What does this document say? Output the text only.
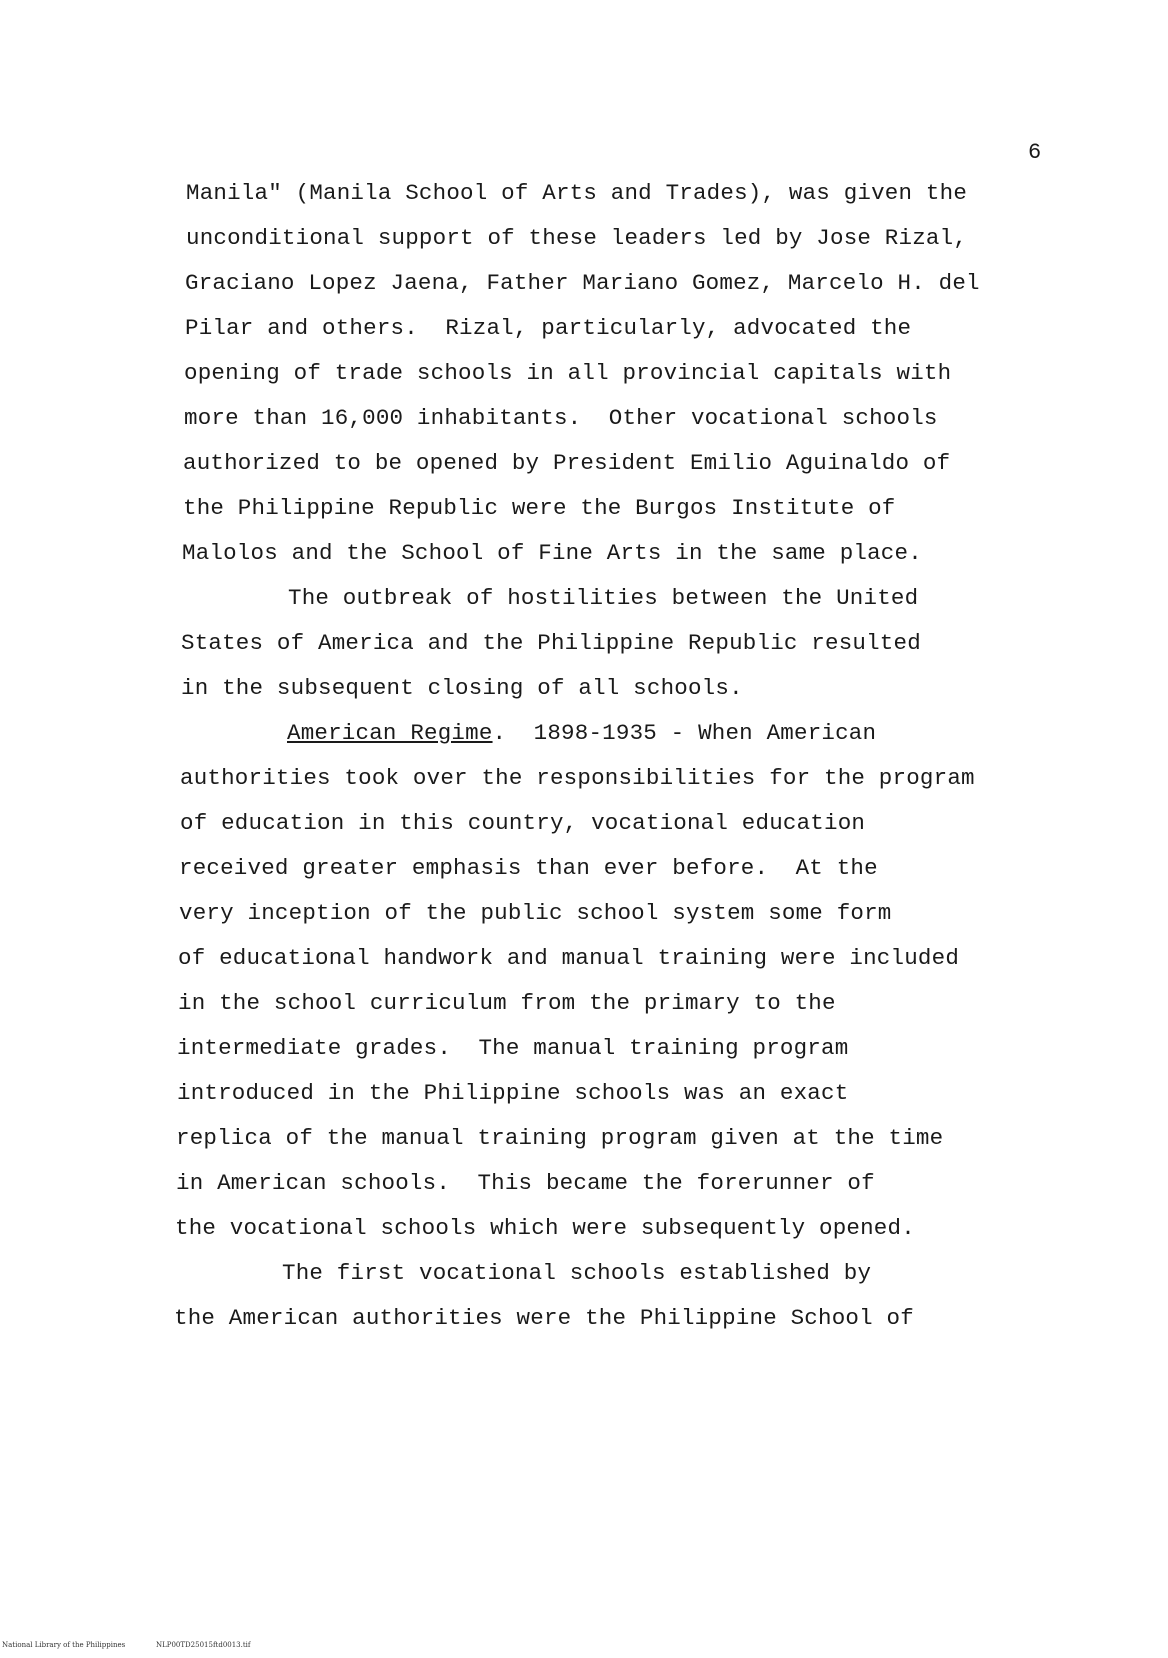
6
Manila" (Manila School of Arts and Trades), was given the
unconditional support of these leaders led by Jose Rizal,
Graciano Lopez Jaena, Father Mariano Gomez, Marcelo H. del
Pilar and others.  Rizal, particularly, advocated the
opening of trade schools in all provincial capitals with
more than 16,000 inhabitants.  Other vocational schools
authorized to be opened by President Emilio Aguinaldo of
the Philippine Republic were the Burgos Institute of
Malolos and the School of Fine Arts in the same place.
The outbreak of hostilities between the United
States of America and the Philippine Republic resulted
in the subsequent closing of all schools.
American Regime.  1898-1935 - When American
authorities took over the responsibilities for the program
of education in this country, vocational education
received greater emphasis than ever before.  At the
very inception of the public school system some form
of educational handwork and manual training were included
in the school curriculum from the primary to the
intermediate grades.  The manual training program
introduced in the Philippine schools was an exact
replica of the manual training program given at the time
in American schools.  This became the forerunner of
the vocational schools which were subsequently opened.
The first vocational schools established by
the American authorities were the Philippine School of
National Library of the Philippines	NLP00TD25015ftd0013.tif
